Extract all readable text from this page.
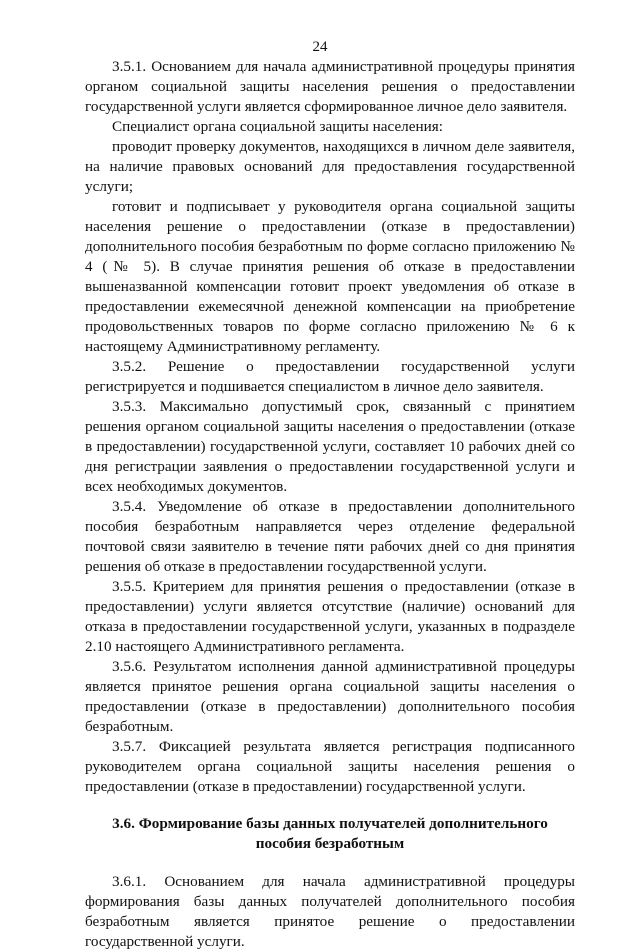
24

3.5.1. Основанием для начала административной процедуры принятия органом социальной защиты населения решения о предоставлении государственной услуги является сформированное личное дело заявителя.

Специалист органа социальной защиты населения:

проводит проверку документов, находящихся в личном деле заявителя, на наличие правовых оснований для предоставления государственной услуги;

готовит и подписывает у руководителя органа социальной защиты населения решение о предоставлении (отказе в предоставлении) дополнительного пособия безработным по форме согласно приложению № 4 (№ 5). В случае принятия решения об отказе в предоставлении вышеназванной компенсации готовит проект уведомления об отказе в предоставлении ежемесячной денежной компенсации на приобретение продовольственных товаров по форме согласно приложению № 6 к настоящему Административному регламенту.

3.5.2. Решение о предоставлении государственной услуги регистрируется и подшивается специалистом в личное дело заявителя.

3.5.3. Максимально допустимый срок, связанный с принятием решения органом социальной защиты населения о предоставлении (отказе в предоставлении) государственной услуги, составляет 10 рабочих дней со дня регистрации заявления о предоставлении государственной услуги и всех необходимых документов.

3.5.4. Уведомление об отказе в предоставлении дополнительного пособия безработным направляется через отделение федеральной почтовой связи заявителю в течение пяти рабочих дней со дня принятия решения об отказе в предоставлении государственной услуги.

3.5.5. Критерием для принятия решения о предоставлении (отказе в предоставлении) услуги является отсутствие (наличие) оснований для отказа в предоставлении государственной услуги, указанных в подразделе 2.10 настоящего Административного регламента.

3.5.6. Результатом исполнения данной административной процедуры является принятое решения органа социальной защиты населения о предоставлении (отказе в предоставлении) дополнительного пособия безработным.

3.5.7. Фиксацией результата является регистрация подписанного руководителем органа социальной защиты населения решения о предоставлении (отказе в предоставлении) государственной услуги.

3.6. Формирование базы данных получателей дополнительного пособия безработным

3.6.1. Основанием для начала административной процедуры формирования базы данных получателей дополнительного пособия безработным является принятое решение о предоставлении государственной услуги.
